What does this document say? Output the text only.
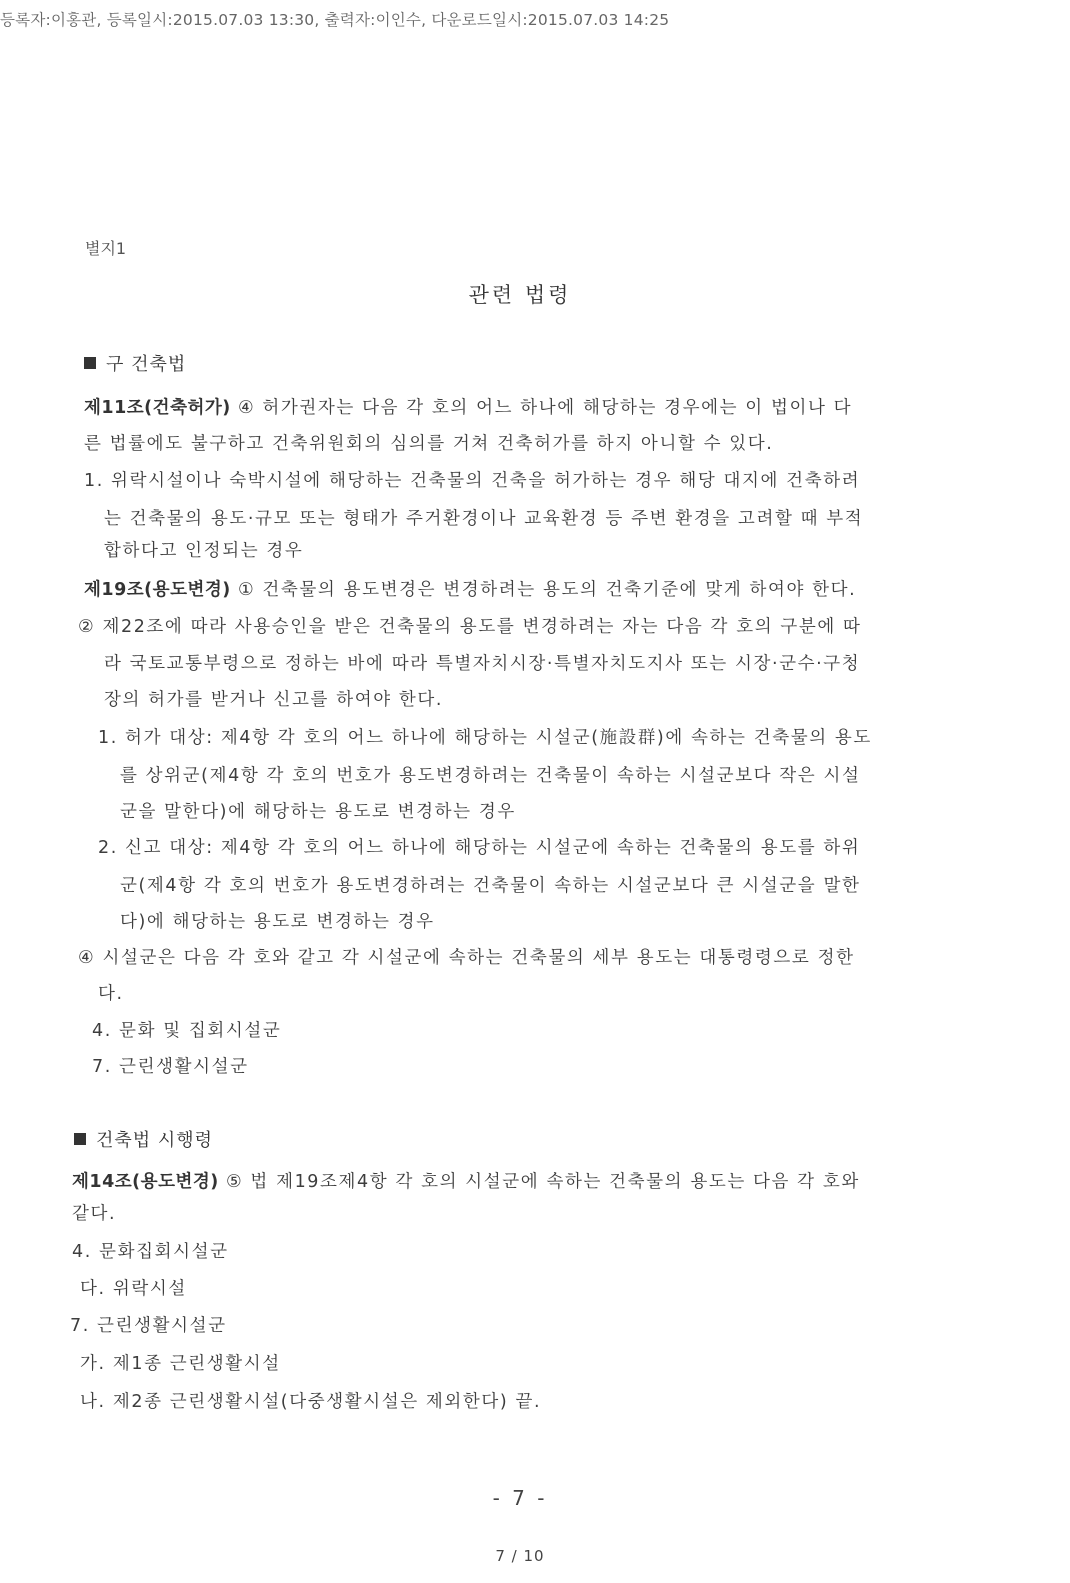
등록자:이홍관, 등록일시:2015.07.03 13:30, 출력자:이인수, 다운로드일시:2015.07.03 14:25
별지1
관련 법령
구 건축법
제11조(건축허가) ④ 허가권자는 다음 각 호의 어느 하나에 해당하는 경우에는 이 법이나 다
른 법률에도 불구하고 건축위원회의 심의를 거쳐 건축허가를 하지 아니할 수 있다.
1. 위락시설이나 숙박시설에 해당하는 건축물의 건축을 허가하는 경우 해당 대지에 건축하려
는 건축물의 용도·규모 또는 형태가 주거환경이나 교육환경 등 주변 환경을 고려할 때 부적
합하다고 인정되는 경우
제19조(용도변경) ① 건축물의 용도변경은 변경하려는 용도의 건축기준에 맞게 하여야 한다.
② 제22조에 따라 사용승인을 받은 건축물의 용도를 변경하려는 자는 다음 각 호의 구분에 따
라 국토교통부령으로 정하는 바에 따라 특별자치시장·특별자치도지사 또는 시장·군수·구청
장의 허가를 받거나 신고를 하여야 한다.
1. 허가 대상: 제4항 각 호의 어느 하나에 해당하는 시설군(施設群)에 속하는 건축물의 용도
를 상위군(제4항 각 호의 번호가 용도변경하려는 건축물이 속하는 시설군보다 작은 시설
군을 말한다)에 해당하는 용도로 변경하는 경우
2. 신고 대상: 제4항 각 호의 어느 하나에 해당하는 시설군에 속하는 건축물의 용도를 하위
군(제4항 각 호의 번호가 용도변경하려는 건축물이 속하는 시설군보다 큰 시설군을 말한
다)에 해당하는 용도로 변경하는 경우
④ 시설군은 다음 각 호와 같고 각 시설군에 속하는 건축물의 세부 용도는 대통령령으로 정한
다.
4. 문화 및 집회시설군
7. 근린생활시설군
건축법 시행령
제14조(용도변경) ⑤ 법 제19조제4항 각 호의 시설군에 속하는 건축물의 용도는 다음 각 호와
같다.
4. 문화집회시설군
다. 위락시설
7. 근린생활시설군
가. 제1종 근린생활시설
나. 제2종 근린생활시설(다중생활시설은 제외한다) 끝.
- 7 -
7 / 10
